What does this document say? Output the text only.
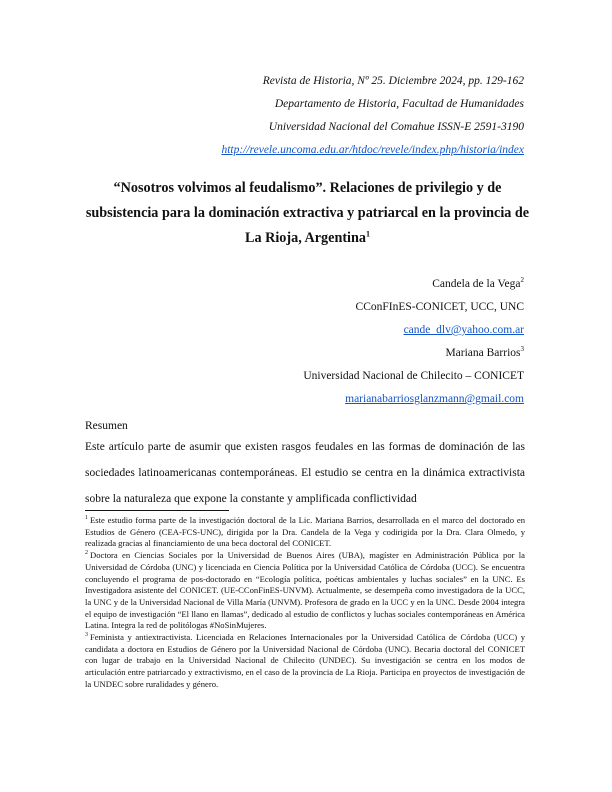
Revista de Historia, Nº 25. Diciembre 2024, pp. 129-162
Departamento de Historia, Facultad de Humanidades
Universidad Nacional del Comahue ISSN-E 2591-3190
http://revele.uncoma.edu.ar/htdoc/revele/index.php/historia/index
“Nosotros volvimos al feudalismo”. Relaciones de privilegio y de
subsistencia para la dominación extractiva y patriarcal en la provincia de
La Rioja, Argentina$^1$
Candela de la Vega$^2$
CConFInES-CONICET, UCC, UNC
cande_dlv@yahoo.com.ar
Mariana Barrios$^3$
Universidad Nacional de Chilecito – CONICET
marianabarriosglanzmann@gmail.com
Resumen
Este artículo parte de asumir que existen rasgos feudales en las formas de dominación de las sociedades latinoamericanas contemporáneas. El estudio se centra en la dinámica extractivista sobre la naturaleza que expone la constante y amplificada conflictividad

$^1$ Este estudio forma parte de la investigación doctoral de la Lic. Mariana Barrios, desarrollada en el marco del doctorado en Estudios de Género (CEA-FCS-UNC), dirigida por la Dra. Candela de la Vega y codirigida por la Dra. Clara Olmedo, y realizada gracias al financiamiento de una beca doctoral del CONICET.

$^2$ Doctora en Ciencias Sociales por la Universidad de Buenos Aires (UBA), magíster en Administración Pública por la Universidad de Córdoba (UNC) y licenciada en Ciencia Política por la Universidad Católica de Córdoba (UCC). Se encuentra concluyendo el programa de pos-doctorado en “Ecología política, poéticas ambientales y luchas sociales” en la UNC. Es Investigadora asistente del CONICET. (UE-CConFinES-UNVM). Actualmente, se desempeña como investigadora de la UCC, la UNC y de la Universidad Nacional de Villa María (UNVM). Profesora de grado en la UCC y en la UNC. Desde 2004 integra el equipo de investigación “El llano en llamas”, dedicado al estudio de conflictos y luchas sociales contemporáneas en América Latina. Integra la red de politólogas #NoSinMujeres.

$^3$ Feminista y antiextractivista. Licenciada en Relaciones Internacionales por la Universidad Católica de Córdoba (UCC) y candidata a doctora en Estudios de Género por la Universidad Nacional de Córdoba (UNC). Becaria doctoral del CONICET con lugar de trabajo en la Universidad Nacional de Chilecito (UNDEC). Su investigación se centra en los modos de articulación entre patriarcado y extractivismo, en el caso de la provincia de La Rioja. Participa en proyectos de investigación de la UNDEC sobre ruralidades y género.
